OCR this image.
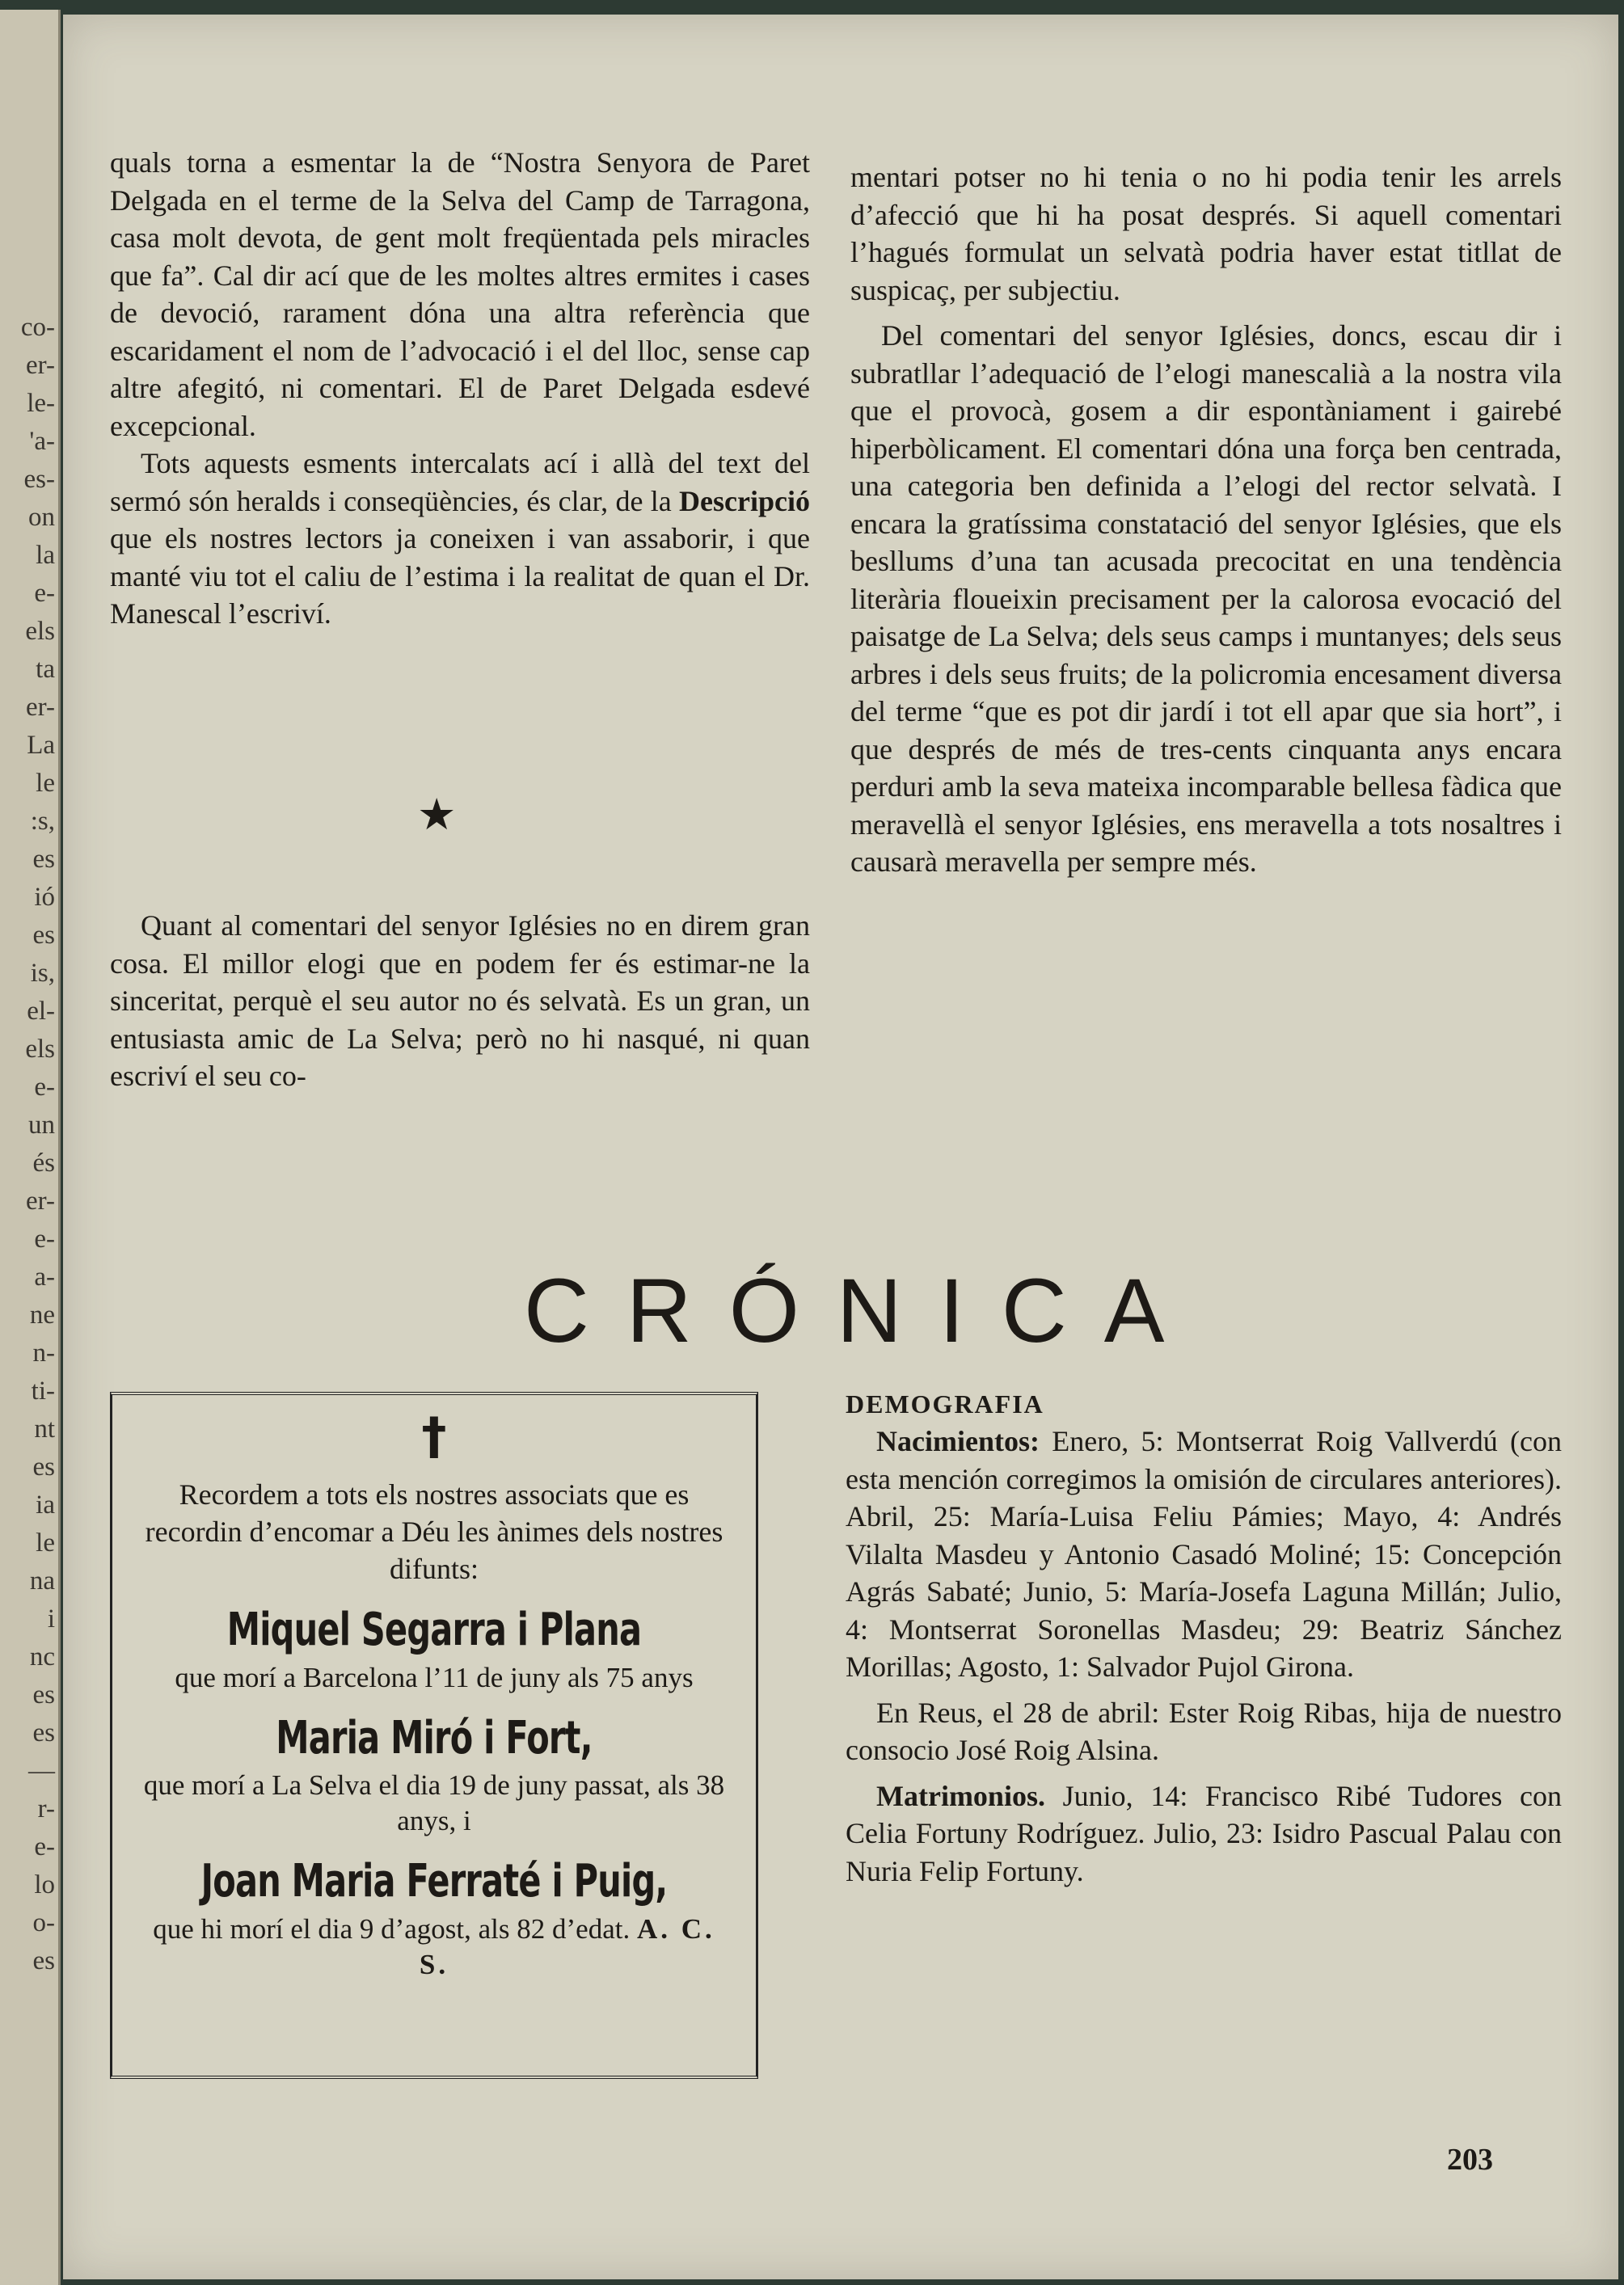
co-
er-
le-
'a-
es-
on
la
e-
els
ta
er-
La
le
:s,
es
ió
es
is,
el-
els
e-
un
és
er-
e-
a-
ne
n-
ti-
nt
es
ia
le
na
i
nc
es
es
—
r-
e-
lo
o-
es

quals torna a esmentar la de “Nostra Senyora de Paret Delgada en el terme de la Selva del Camp de Tarragona, casa molt devota, de gent molt freqüentada pels miracles que fa”. Cal dir ací que de les moltes altres ermites i cases de devoció, rarament dóna una altra referència que escaridament el nom de l’advocació i el del lloc, sense cap altre afegitó, ni comentari. El de Paret Delgada esdevé excepcional.

Tots aquests esments intercalats ací i allà del text del sermó són heralds i conseqüències, és clar, de la Descripció que els nostres lectors ja coneixen i van assaborir, i que manté viu tot el caliu de l’estima i la realitat de quan el Dr. Manescal l’escriví.

★

Quant al comentari del senyor Iglésies no en direm gran cosa. El millor elogi que en podem fer és estimar-ne la sinceritat, perquè el seu autor no és selvatà. Es un gran, un entusiasta amic de La Selva; però no hi nasqué, ni quan escriví el seu co-

mentari potser no hi tenia o no hi podia tenir les arrels d’afecció que hi ha posat després. Si aquell comentari l’hagués formulat un selvatà podria haver estat titllat de suspicaç, per subjectiu.

Del comentari del senyor Iglésies, doncs, escau dir i subratllar l’adequació de l’elogi manescalià a la nostra vila que el provocà, gosem a dir espontàniament i gairebé hiperbòlicament. El comentari dóna una força ben centrada, una categoria ben definida a l’elogi del rector selvatà. I encara la gratíssima constatació del senyor Iglésies, que els besllums d’una tan acusada precocitat en una tendència literària floueixin precisament per la calorosa evocació del paisatge de La Selva; dels seus camps i muntanyes; dels seus arbres i dels seus fruits; de la policromia encesament diversa del terme “que es pot dir jardí i tot ell apar que sia hort”, i que després de més de tres-cents cinquanta anys encara perduri amb la seva mateixa incomparable bellesa fàdica que meravellà el senyor Iglésies, ens meravella a tots nosaltres i causarà meravella per sempre més.

CRÓNICA
†
Recordem a tots els nostres associats que es recordin d’encomar a Déu les ànimes dels nostres difunts:
Miquel Segarra i Plana
que morí a Barcelona l’11 de juny als 75 anys
Maria Miró i Fort,
que morí a La Selva el dia 19 de juny passat, als 38 anys, i
Joan Maria Ferraté i Puig,
que hi morí el dia 9 d’agost, als 82 d’edat. A. C. S.
DEMOGRAFIA

Nacimientos: Enero, 5: Montserrat Roig Vallverdú (con esta mención corregimos la omisión de circulares anteriores). Abril, 25: María-Luisa Feliu Pámies; Mayo, 4: Andrés Vilalta Masdeu y Antonio Casadó Moliné; 15: Concepción Agrás Sabaté; Junio, 5: María-Josefa Laguna Millán; Julio, 4: Montserrat Soronellas Masdeu; 29: Beatriz Sánchez Morillas; Agosto, 1: Salvador Pujol Girona.

En Reus, el 28 de abril: Ester Roig Ribas, hija de nuestro consocio José Roig Alsina.

Matrimonios. Junio, 14: Francisco Ribé Tudores con Celia Fortuny Rodríguez. Julio, 23: Isidro Pascual Palau con Nuria Felip Fortuny.

203
